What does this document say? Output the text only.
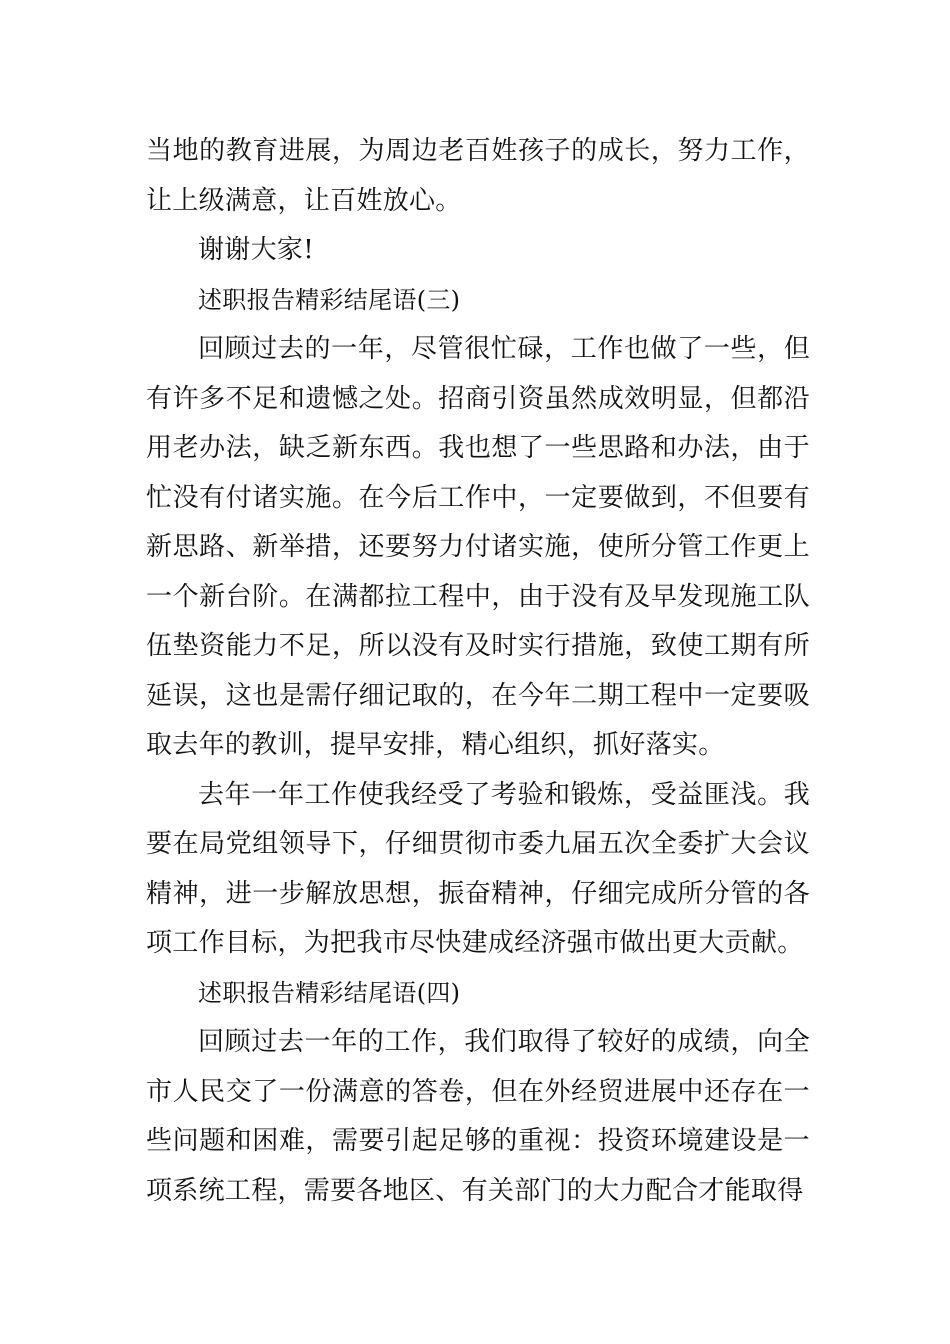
当地的教育进展，为周边老百姓孩子的成长，努力工作，让上级满意，让百姓放心。

谢谢大家!

述职报告精彩结尾语(三)

回顾过去的一年，尽管很忙碌，工作也做了一些，但有许多不足和遗憾之处。招商引资虽然成效明显，但都沿用老办法，缺乏新东西。我也想了一些思路和办法，由于忙没有付诸实施。在今后工作中，一定要做到，不但要有新思路、新举措，还要努力付诸实施，使所分管工作更上一个新台阶。在满都拉工程中，由于没有及早发现施工队伍垫资能力不足，所以没有及时实行措施，致使工期有所延误，这也是需仔细记取的，在今年二期工程中一定要吸取去年的教训，提早安排，精心组织，抓好落实。

去年一年工作使我经受了考验和锻炼，受益匪浅。我要在局党组领导下，仔细贯彻市委九届五次全委扩大会议精神，进一步解放思想，振奋精神，仔细完成所分管的各项工作目标，为把我市尽快建成经济强市做出更大贡献。

述职报告精彩结尾语(四)

回顾过去一年的工作，我们取得了较好的成绩，向全市人民交了一份满意的答卷，但在外经贸进展中还存在一些问题和困难，需要引起足够的重视：投资环境建设是一项系统工程，需要各地区、有关部门的大力配合才能取得
